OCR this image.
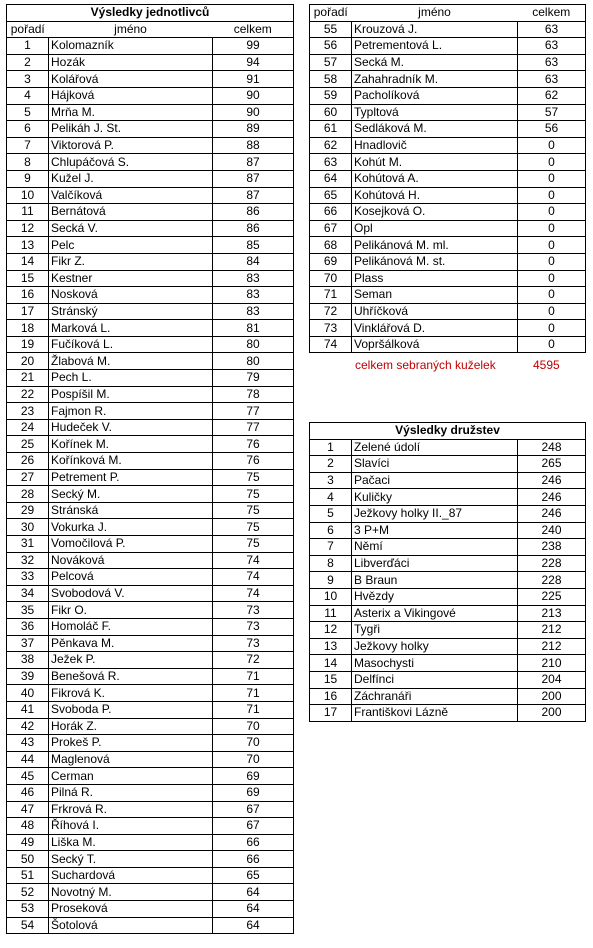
Výsledky jednotlivců		
pořadí	jméno	celkem
1	Kolomazník	99
2	Hozák	94
3	Kolářová	91
4	Hájková	90
5	Mrňa M.	90
6	Pelikáh J. St.	89
7	Viktorová P.	88
8	Chlupáčová S.	87
9	Kužel J.	87
10	Valčíková	87
11	Bernátová	86
12	Secká V.	86
13	Pelc	85
14	Fikr Z.	84
15	Kestner	83
16	Nosková	83
17	Stránský	83
18	Marková L.	81
19	Fučíková L.	80
20	Žlabová M.	80
21	Pech L.	79
22	Pospíšil M.	78
23	Fajmon R.	77
24	Hudeček V.	77
25	Kořínek M.	76
26	Kořínková M.	76
27	Petrement P.	75
28	Secký M.	75
29	Stránská	75
30	Vokurka J.	75
31	Vomočilová P.	75
32	Nováková	74
33	Pelcová	74
34	Svobodová V.	74
35	Fikr O.	73
36	Homoláč F.	73
37	Pěnkava M.	73
38	Ježek P.	72
39	Benešová R.	71
40	Fikrová K.	71
41	Svoboda P.	71
42	Horák Z.	70
43	Prokeš P.	70
44	Maglenová	70
45	Cerman	69
46	Pilná R.	69
47	Frkrová R.	67
48	Říhová I.	67
49	Liška M.	66
50	Secký T.	66
51	Suchardová	65
52	Novotný M.	64
53	Proseková	64
54	Šotolová	64
pořadí	jméno	celkem
55	Krouzová J.	63
56	Petrementová L.	63
57	Secká M.	63
58	Zahahradník M.	63
59	Pacholíková	62
60	Typltová	57
61	Sedláková M.	56
62	Hnadlovič	0
63	Kohút M.	0
64	Kohútová A.	0
65	Kohútová H.	0
66	Kosejková O.	0
67	Opl	0
68	Pelikánová M. ml.	0
69	Pelikánová M. st.	0
70	Plass	0
71	Seman	0
72	Uhříčková	0
73	Vinklářová D.	0
74	Vopršálková	0
celkem sebraných kuželek	4595
Výsledky družstev		
1	Zelené údolí	248
2	Slavíci	265
3	Pačaci	246
4	Kuličky	246
5	Ježkovy holky II._87	246
6	3 P+M	240
7	Němí	238
8	Libverďáci	228
9	B Braun	228
10	Hvězdy	225
11	Asterix a Vikingové	213
12	Tygři	212
13	Ježkovy holky	212
14	Masochysti	210
15	Delfínci	204
16	Záchranáři	200
17	Františkovi Lázně	200
